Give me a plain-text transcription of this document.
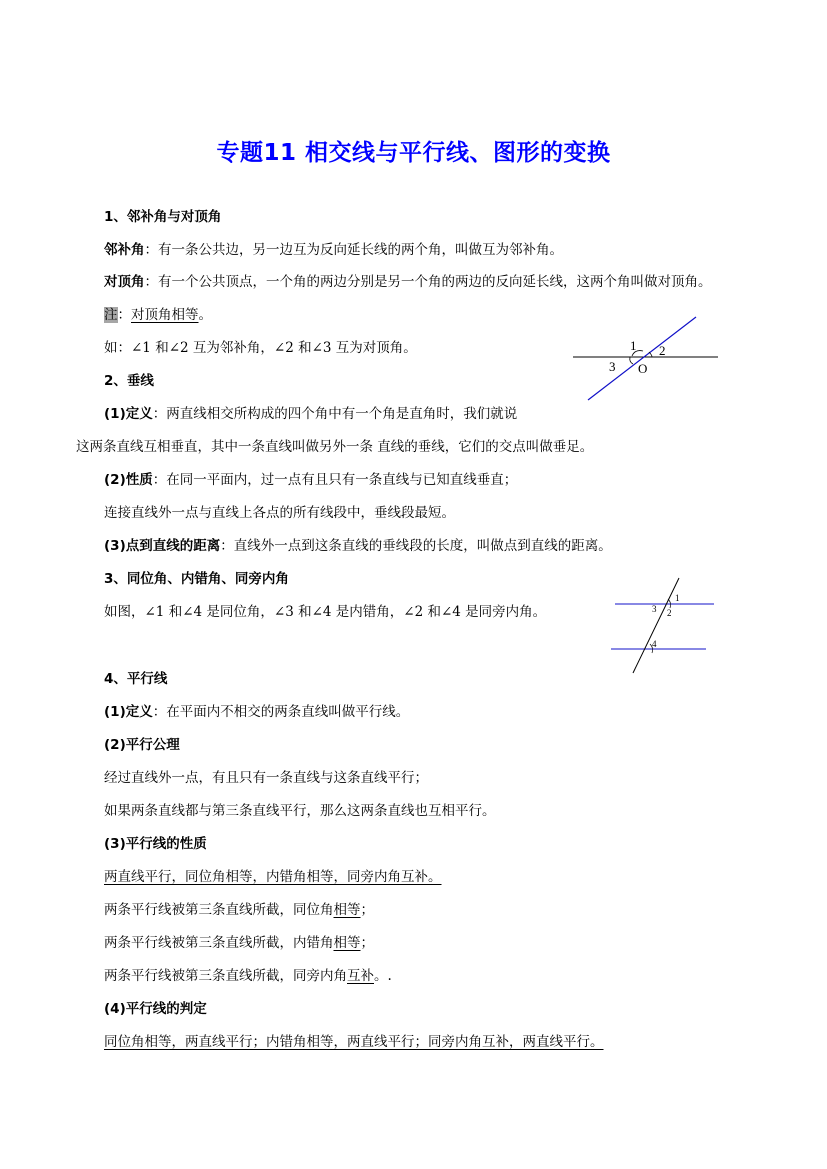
专题11 相交线与平行线、图形的变换
1、邻补角与对顶角
邻补角：有一条公共边，另一边互为反向延长线的两个角，叫做互为邻补角。
对顶角：有一个公共顶点，一个角的两边分别是另一个角的两边的反向延长线，这两个角叫做对顶角。
注：对顶角相等。
如：∠1 和∠2 互为邻补角，∠2 和∠3 互为对顶角。	1 2
3 O
2、垂线
(1)定义：两直线相交所构成的四个角中有一个角是直角时，我们就说
这两条直线互相垂直，其中一条直线叫做另外一条 直线的垂线，它们的交点叫做垂足。
(2)性质：在同一平面内，过一点有且只有一条直线与已知直线垂直；
连接直线外一点与直线上各点的所有线段中，垂线段最短。
(3)点到直线的距离：直线外一点到这条直线的垂线段的长度，叫做点到直线的距离。
3、同位角、内错角、同旁内角
如图，∠1 和∠4 是同位角，∠3 和∠4 是内错角，∠2 和∠4 是同旁内角。
1
3 2
4
4、平行线
(1)定义：在平面内不相交的两条直线叫做平行线。
(2)平行公理
经过直线外一点，有且只有一条直线与这条直线平行；
如果两条直线都与第三条直线平行，那么这两条直线也互相平行。
(3)平行线的性质
两直线平行，同位角相等，内错角相等，同旁内角互补。
两条平行线被第三条直线所截，同位角相等；
两条平行线被第三条直线所截，内错角相等；
两条平行线被第三条直线所截，同旁内角互补。.
(4)平行线的判定
同位角相等，两直线平行；内错角相等，两直线平行；同旁内角互补，两直线平行。
